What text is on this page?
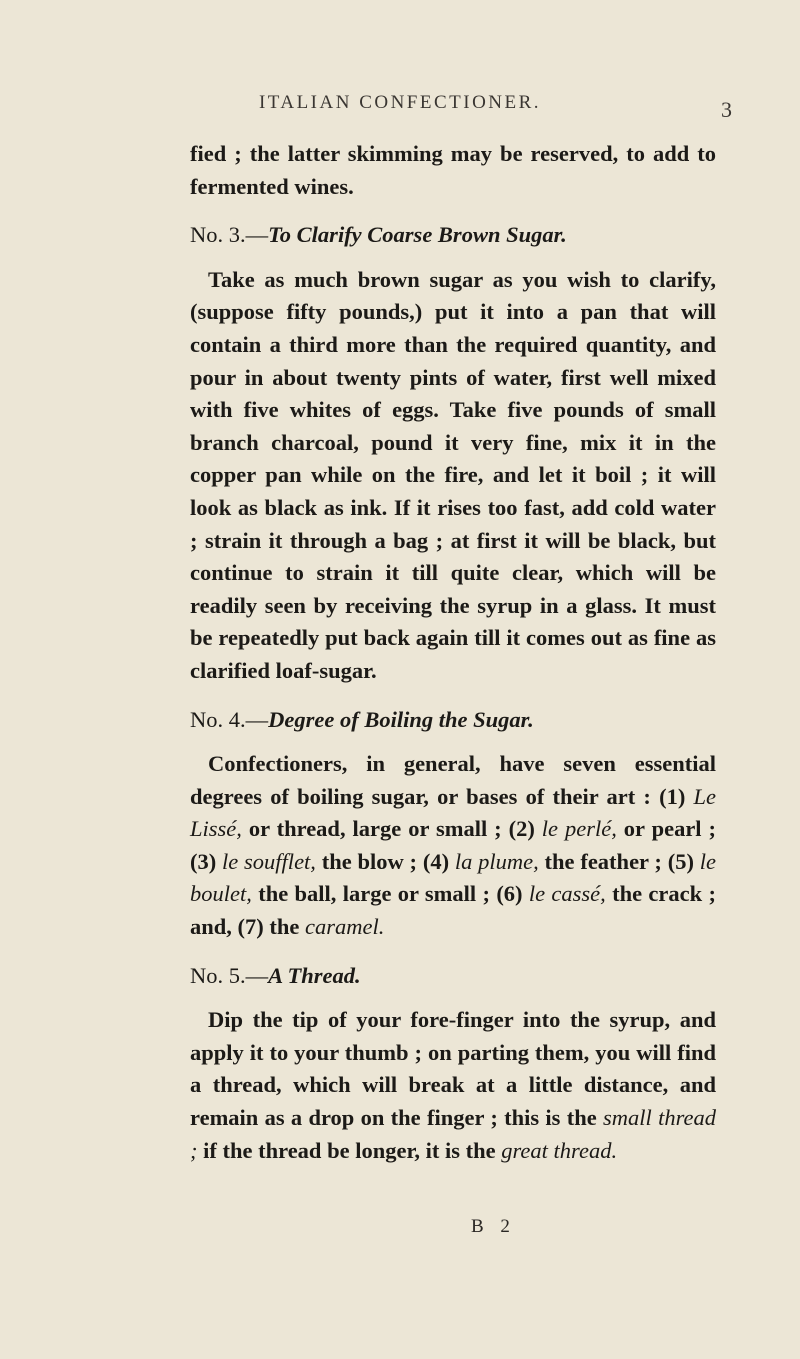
ITALIAN CONFECTIONER.	3

fied ; the latter skimming may be reserved, to add to fermented wines.

No. 3.—To Clarify Coarse Brown Sugar.

Take as much brown sugar as you wish to clarify, (suppose fifty pounds,) put it into a pan that will contain a third more than the required quantity, and pour in about twenty pints of water, first well mixed with five whites of eggs. Take five pounds of small branch charcoal, pound it very fine, mix it in the copper pan while on the fire, and let it boil ; it will look as black as ink. If it rises too fast, add cold water ; strain it through a bag ; at first it will be black, but continue to strain it till quite clear, which will be readily seen by receiving the syrup in a glass. It must be repeatedly put back again till it comes out as fine as clarified loaf-sugar.

No. 4.—Degree of Boiling the Sugar.

Confectioners, in general, have seven essential degrees of boiling sugar, or bases of their art : (1) Le Lissé, or thread, large or small ; (2) le perlé, or pearl ; (3) le soufflet, the blow ; (4) la plume, the feather ; (5) le boulet, the ball, large or small ; (6) le cassé, the crack ; and, (7) the caramel.

No. 5.—A Thread.

Dip the tip of your fore-finger into the syrup, and apply it to your thumb ; on parting them, you will find a thread, which will break at a little distance, and remain as a drop on the finger ; this is the small thread ; if the thread be longer, it is the great thread.

B 2
